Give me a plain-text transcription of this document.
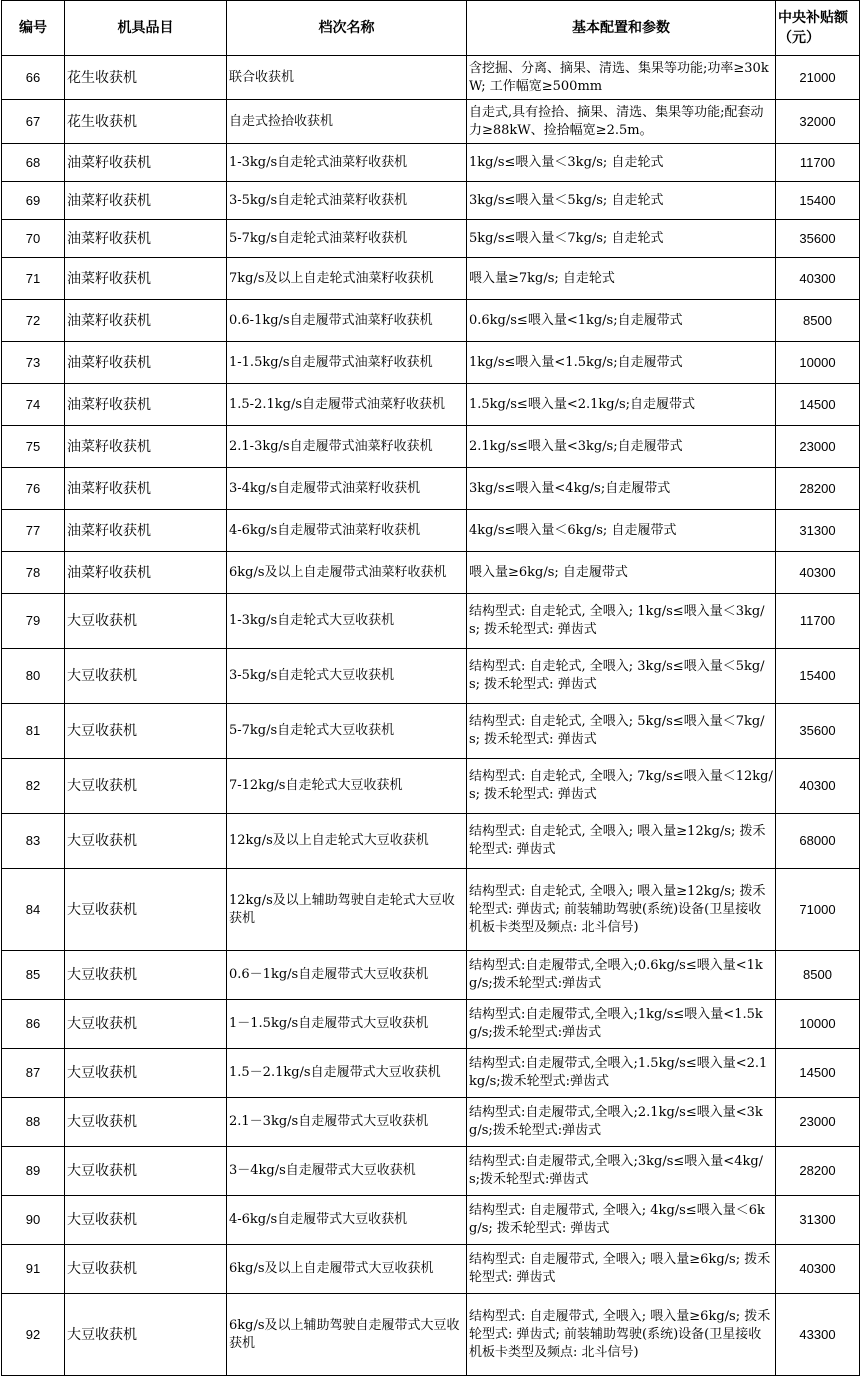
编号	机具品目	档次名称	基本配置和参数	中央补贴额（元）
66	花生收获机	联合收获机	含挖掘、分离、摘果、清选、集果等功能;功率≥30kW; 工作幅宽≥500mm	21000
67	花生收获机	自走式捡拾收获机	自走式,具有捡拾、摘果、清选、集果等功能;配套动力≥88kW、捡拾幅宽≥2.5m。	32000
68	油菜籽收获机	1-3kg/s自走轮式油菜籽收获机	1kg/s≤喂入量＜3kg/s; 自走轮式	11700
69	油菜籽收获机	3-5kg/s自走轮式油菜籽收获机	3kg/s≤喂入量＜5kg/s; 自走轮式	15400
70	油菜籽收获机	5-7kg/s自走轮式油菜籽收获机	5kg/s≤喂入量＜7kg/s; 自走轮式	35600
71	油菜籽收获机	7kg/s及以上自走轮式油菜籽收获机	喂入量≥7kg/s; 自走轮式	40300
72	油菜籽收获机	0.6-1kg/s自走履带式油菜籽收获机	0.6kg/s≤喂入量<1kg/s;自走履带式	8500
73	油菜籽收获机	1-1.5kg/s自走履带式油菜籽收获机	1kg/s≤喂入量<1.5kg/s;自走履带式	10000
74	油菜籽收获机	1.5-2.1kg/s自走履带式油菜籽收获机	1.5kg/s≤喂入量<2.1kg/s;自走履带式	14500
75	油菜籽收获机	2.1-3kg/s自走履带式油菜籽收获机	2.1kg/s≤喂入量<3kg/s;自走履带式	23000
76	油菜籽收获机	3-4kg/s自走履带式油菜籽收获机	3kg/s≤喂入量<4kg/s;自走履带式	28200
77	油菜籽收获机	4-6kg/s自走履带式油菜籽收获机	4kg/s≤喂入量＜6kg/s; 自走履带式	31300
78	油菜籽收获机	6kg/s及以上自走履带式油菜籽收获机	喂入量≥6kg/s; 自走履带式	40300
79	大豆收获机	1-3kg/s自走轮式大豆收获机	结构型式: 自走轮式, 全喂入; 1kg/s≤喂入量＜3kg/s; 拨禾轮型式: 弹齿式	11700
80	大豆收获机	3-5kg/s自走轮式大豆收获机	结构型式: 自走轮式, 全喂入; 3kg/s≤喂入量＜5kg/s; 拨禾轮型式: 弹齿式	15400
81	大豆收获机	5-7kg/s自走轮式大豆收获机	结构型式: 自走轮式, 全喂入; 5kg/s≤喂入量＜7kg/s; 拨禾轮型式: 弹齿式	35600
82	大豆收获机	7-12kg/s自走轮式大豆收获机	结构型式: 自走轮式, 全喂入; 7kg/s≤喂入量＜12kg/s; 拨禾轮型式: 弹齿式	40300
83	大豆收获机	12kg/s及以上自走轮式大豆收获机	结构型式: 自走轮式, 全喂入; 喂入量≥12kg/s; 拨禾轮型式: 弹齿式	68000
84	大豆收获机	12kg/s及以上辅助驾驶自走轮式大豆收获机	结构型式: 自走轮式, 全喂入; 喂入量≥12kg/s; 拨禾轮型式: 弹齿式; 前装辅助驾驶(系统)设备(卫星接收机板卡类型及频点: 北斗信号)	71000
85	大豆收获机	0.6－1kg/s自走履带式大豆收获机	结构型式:自走履带式,全喂入;0.6kg/s≤喂入量<1kg/s;拨禾轮型式:弹齿式	8500
86	大豆收获机	1－1.5kg/s自走履带式大豆收获机	结构型式:自走履带式,全喂入;1kg/s≤喂入量<1.5kg/s;拨禾轮型式:弹齿式	10000
87	大豆收获机	1.5－2.1kg/s自走履带式大豆收获机	结构型式:自走履带式,全喂入;1.5kg/s≤喂入量<2.1kg/s;拨禾轮型式:弹齿式	14500
88	大豆收获机	2.1－3kg/s自走履带式大豆收获机	结构型式:自走履带式,全喂入;2.1kg/s≤喂入量<3kg/s;拨禾轮型式:弹齿式	23000
89	大豆收获机	3－4kg/s自走履带式大豆收获机	结构型式:自走履带式,全喂入;3kg/s≤喂入量<4kg/s;拨禾轮型式:弹齿式	28200
90	大豆收获机	4-6kg/s自走履带式大豆收获机	结构型式: 自走履带式, 全喂入; 4kg/s≤喂入量＜6kg/s; 拨禾轮型式: 弹齿式	31300
91	大豆收获机	6kg/s及以上自走履带式大豆收获机	结构型式: 自走履带式, 全喂入; 喂入量≥6kg/s; 拨禾轮型式: 弹齿式	40300
92	大豆收获机	6kg/s及以上辅助驾驶自走履带式大豆收获机	结构型式: 自走履带式, 全喂入; 喂入量≥6kg/s; 拨禾轮型式: 弹齿式; 前装辅助驾驶(系统)设备(卫星接收机板卡类型及频点: 北斗信号)	43300
